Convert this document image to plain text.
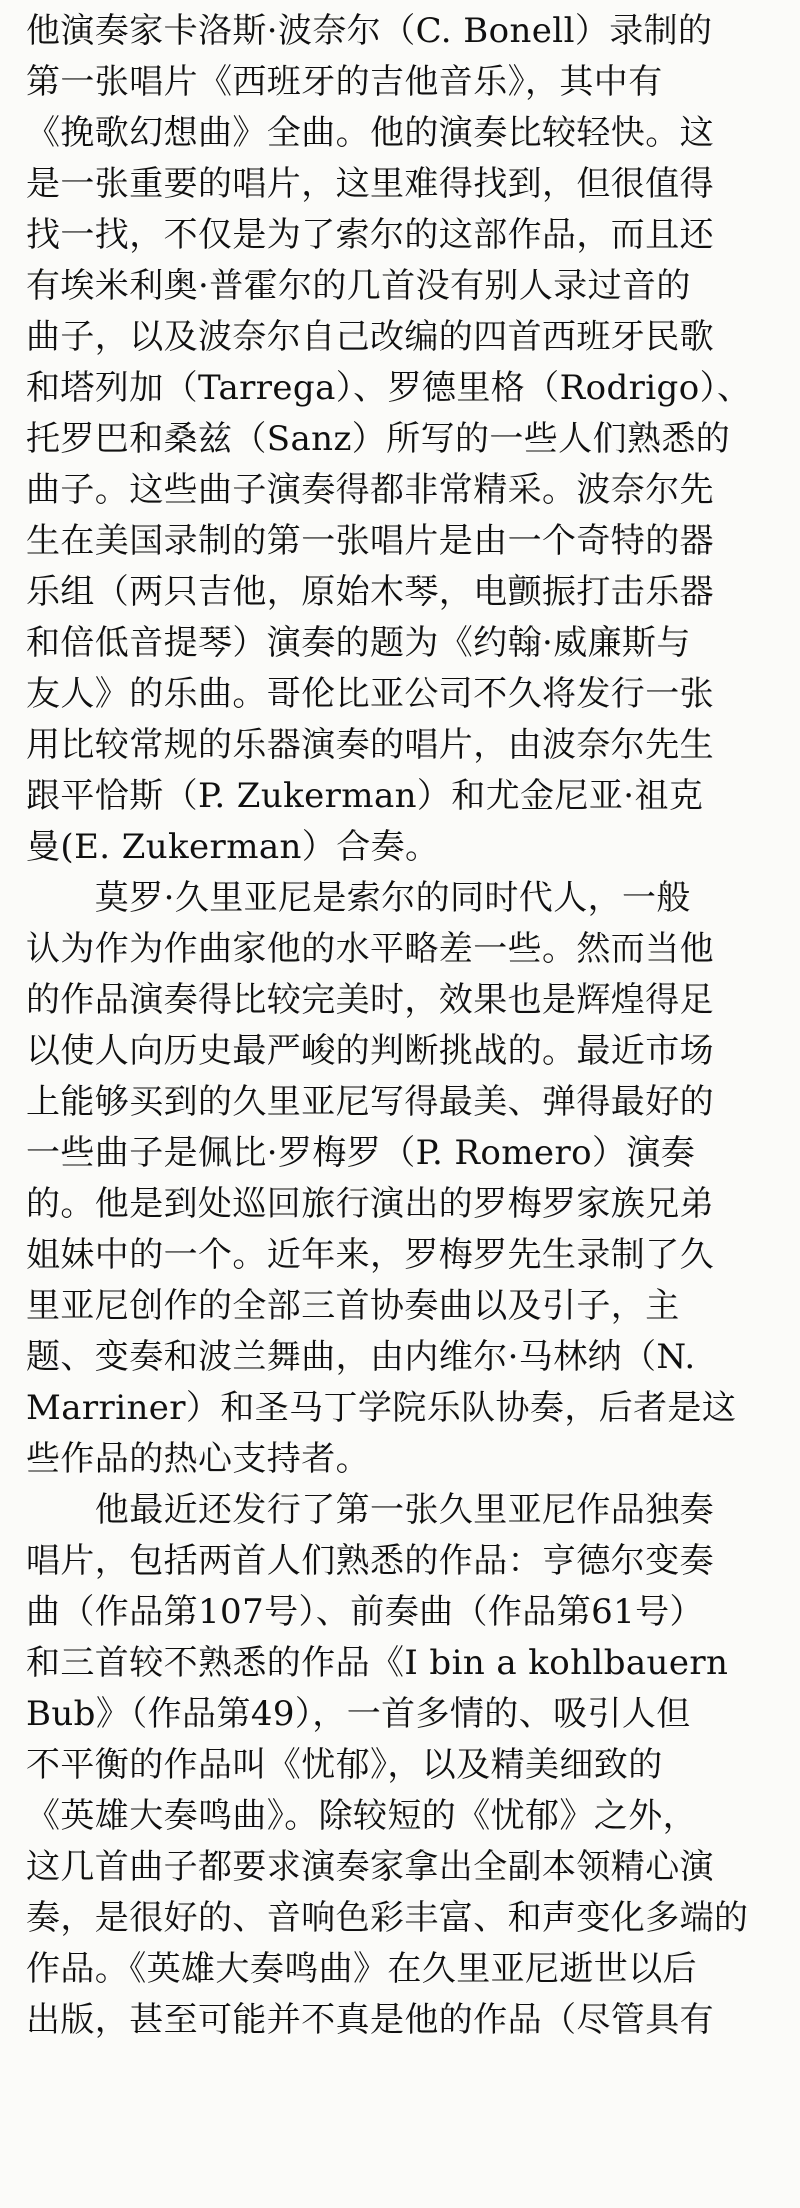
他演奏家卡洛斯·波奈尔（C. Bonell）录制的
第一张唱片《西班牙的吉他音乐》，其中有
《挽歌幻想曲》全曲。他的演奏比较轻快。这
是一张重要的唱片，这里难得找到，但很值得
找一找，不仅是为了索尔的这部作品，而且还
有埃米利奥·普霍尔的几首没有别人录过音的
曲子，以及波奈尔自己改编的四首西班牙民歌
和塔列加（Tarrega）、罗德里格（Rodrigo）、
托罗巴和桑兹（Sanz）所写的一些人们熟悉的
曲子。这些曲子演奏得都非常精采。波奈尔先
生在美国录制的第一张唱片是由一个奇特的器
乐组（两只吉他，原始木琴，电颤振打击乐器
和倍低音提琴）演奏的题为《约翰·威廉斯与
友人》的乐曲。哥伦比亚公司不久将发行一张
用比较常规的乐器演奏的唱片，由波奈尔先生
跟平恰斯（P. Zukerman）和尤金尼亚·祖克
曼(E. Zukerman）合奏。
　　莫罗·久里亚尼是索尔的同时代人，一般
认为作为作曲家他的水平略差一些。然而当他
的作品演奏得比较完美时，效果也是辉煌得足
以使人向历史最严峻的判断挑战的。最近市场
上能够买到的久里亚尼写得最美、弹得最好的
一些曲子是佩比·罗梅罗（P. Romero）演奏
的。他是到处巡回旅行演出的罗梅罗家族兄弟
姐妹中的一个。近年来，罗梅罗先生录制了久
里亚尼创作的全部三首协奏曲以及引子，主
题、变奏和波兰舞曲，由内维尔·马林纳（N.
Marriner）和圣马丁学院乐队协奏，后者是这
些作品的热心支持者。
　　他最近还发行了第一张久里亚尼作品独奏
唱片，包括两首人们熟悉的作品：亨德尔变奏
曲（作品第107号）、前奏曲（作品第61号）
和三首较不熟悉的作品《I bin a kohlbauern
Bub》（作品第49），一首多情的、吸引人但
不平衡的作品叫《忧郁》，以及精美细致的
《英雄大奏鸣曲》。除较短的《忧郁》之外，
这几首曲子都要求演奏家拿出全副本领精心演
奏，是很好的、音响色彩丰富、和声变化多端的
作品。《英雄大奏鸣曲》在久里亚尼逝世以后
出版，甚至可能并不真是他的作品（尽管具有
